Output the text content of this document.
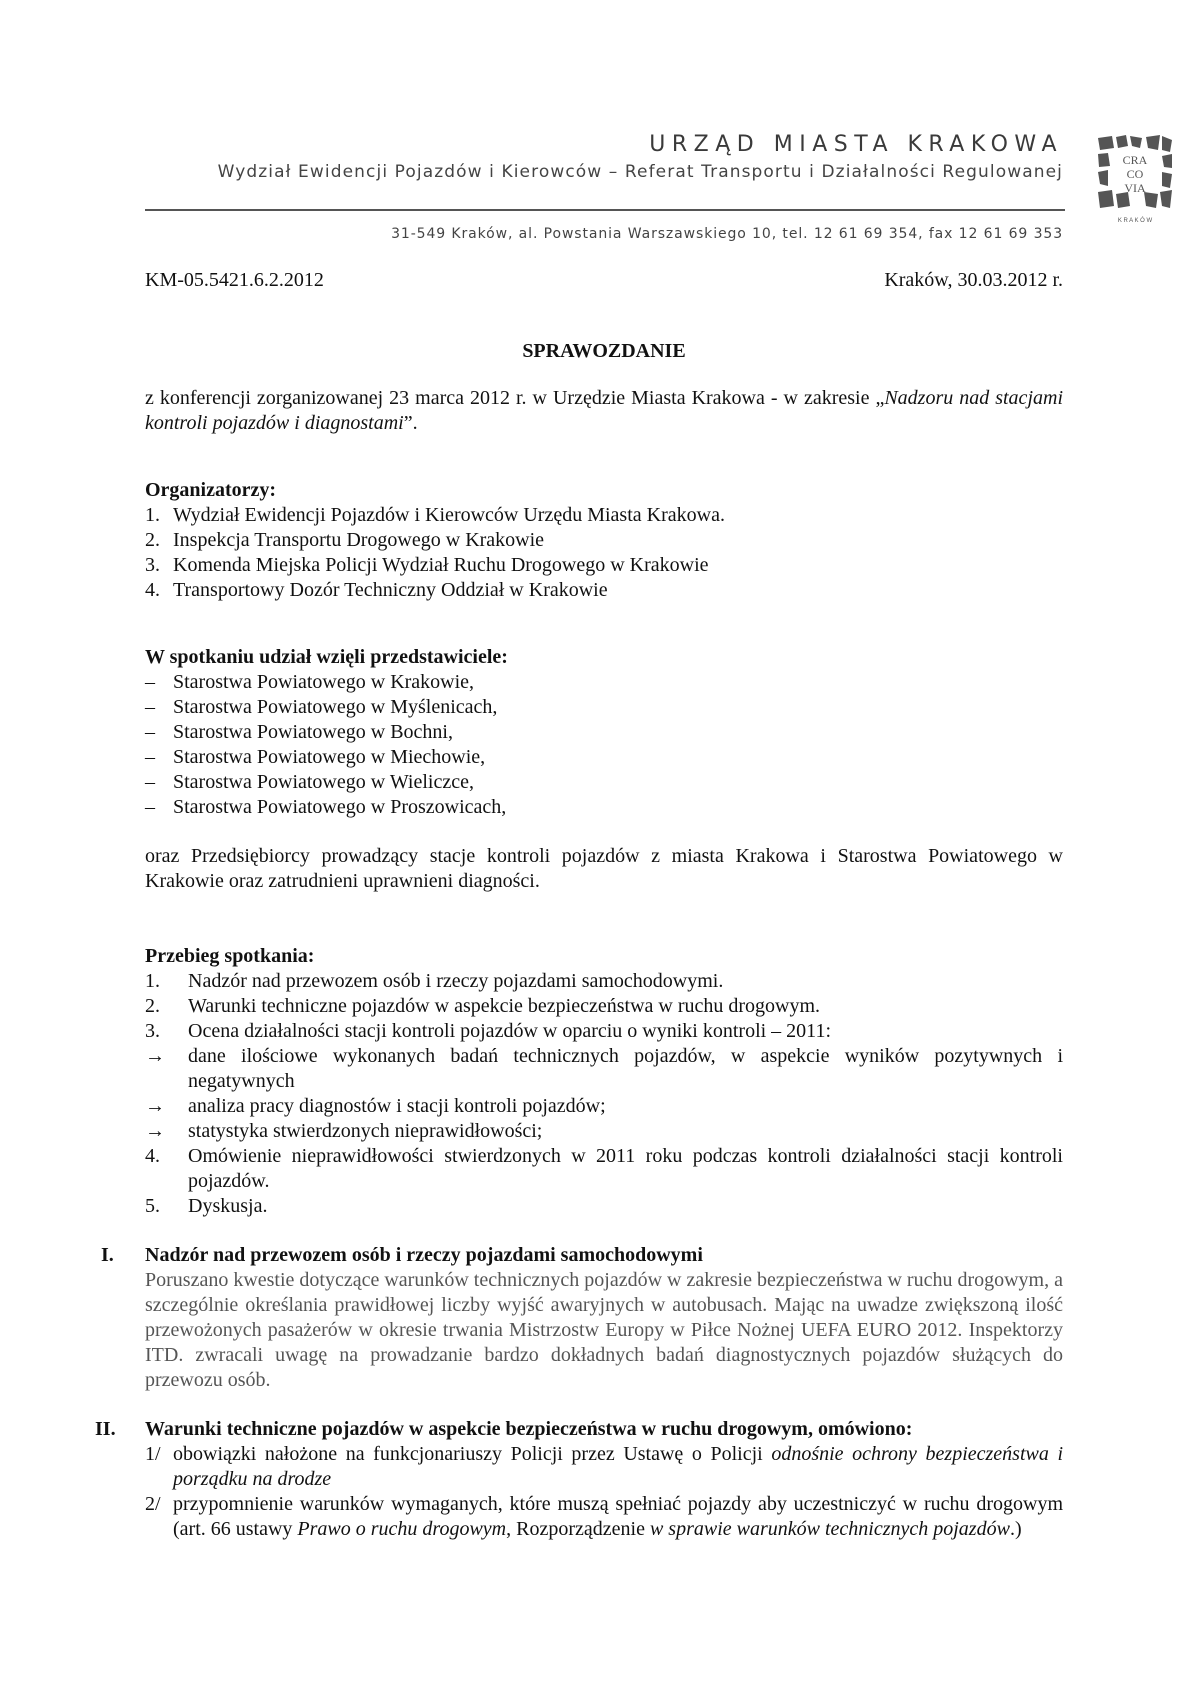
URZĄD MIASTA KRAKOWA
Wydział Ewidencji Pojazdów i Kierowców – Referat Transportu i Działalności Regulowanej
31-549 Kraków, al. Powstania Warszawskiego 10, tel. 12 61 69 354, fax 12 61 69 353
CRA
CO
VIA
K R A K Ó W
KM-05.5421.6.2.2012	Kraków, 30.03.2012 r.
SPRAWOZDANIE
z konferencji zorganizowanej 23 marca 2012 r. w Urzędzie Miasta Krakowa - w zakresie „Nadzoru nad stacjami kontroli pojazdów i diagnostami”.
Organizatorzy:
1. Wydział Ewidencji Pojazdów i Kierowców Urzędu Miasta Krakowa.
2. Inspekcja Transportu Drogowego w Krakowie
3. Komenda Miejska Policji Wydział Ruchu Drogowego w Krakowie
4. Transportowy Dozór Techniczny Oddział w Krakowie
W spotkaniu udział wzięli przedstawiciele:
– Starostwa Powiatowego w Krakowie,
– Starostwa Powiatowego w Myślenicach,
– Starostwa Powiatowego w Bochni,
– Starostwa Powiatowego w Miechowie,
– Starostwa Powiatowego w Wieliczce,
– Starostwa Powiatowego w Proszowicach,
oraz Przedsiębiorcy prowadzący stacje kontroli pojazdów z miasta Krakowa i Starostwa Powiatowego w Krakowie oraz zatrudnieni uprawnieni diagności.
Przebieg spotkania:
1.	Nadzór nad przewozem osób i rzeczy pojazdami samochodowymi.
2.	Warunki techniczne pojazdów w aspekcie bezpieczeństwa w ruchu drogowym.
3.	Ocena działalności stacji kontroli pojazdów w oparciu o wyniki kontroli – 2011:
→	dane ilościowe wykonanych badań technicznych pojazdów, w aspekcie wyników pozytywnych i negatywnych
→	analiza pracy diagnostów i stacji kontroli pojazdów;
→	statystyka stwierdzonych nieprawidłowości;
4.	Omówienie nieprawidłowości stwierdzonych w 2011 roku podczas kontroli działalności stacji kontroli pojazdów.
5.	Dyskusja.
I. Nadzór nad przewozem osób i rzeczy pojazdami samochodowymi
Poruszano kwestie dotyczące warunków technicznych pojazdów w zakresie bezpieczeństwa w ruchu drogowym, a szczególnie określania prawidłowej liczby wyjść awaryjnych w autobusach. Mając na uwadze zwiększoną ilość przewożonych pasażerów w okresie trwania Mistrzostw Europy w Piłce Nożnej UEFA EURO 2012. Inspektorzy ITD. zwracali uwagę na prowadzanie bardzo dokładnych badań diagnostycznych pojazdów służących do przewozu osób.
II. Warunki techniczne pojazdów w aspekcie bezpieczeństwa w ruchu drogowym, omówiono:
1/ obowiązki nałożone na funkcjonariuszy Policji przez Ustawę o Policji odnośnie ochrony bezpieczeństwa i porządku na drodze
2/ przypomnienie warunków wymaganych, które muszą spełniać pojazdy aby uczestniczyć w ruchu drogowym (art. 66 ustawy Prawo o ruchu drogowym, Rozporządzenie w sprawie warunków technicznych pojazdów.)
